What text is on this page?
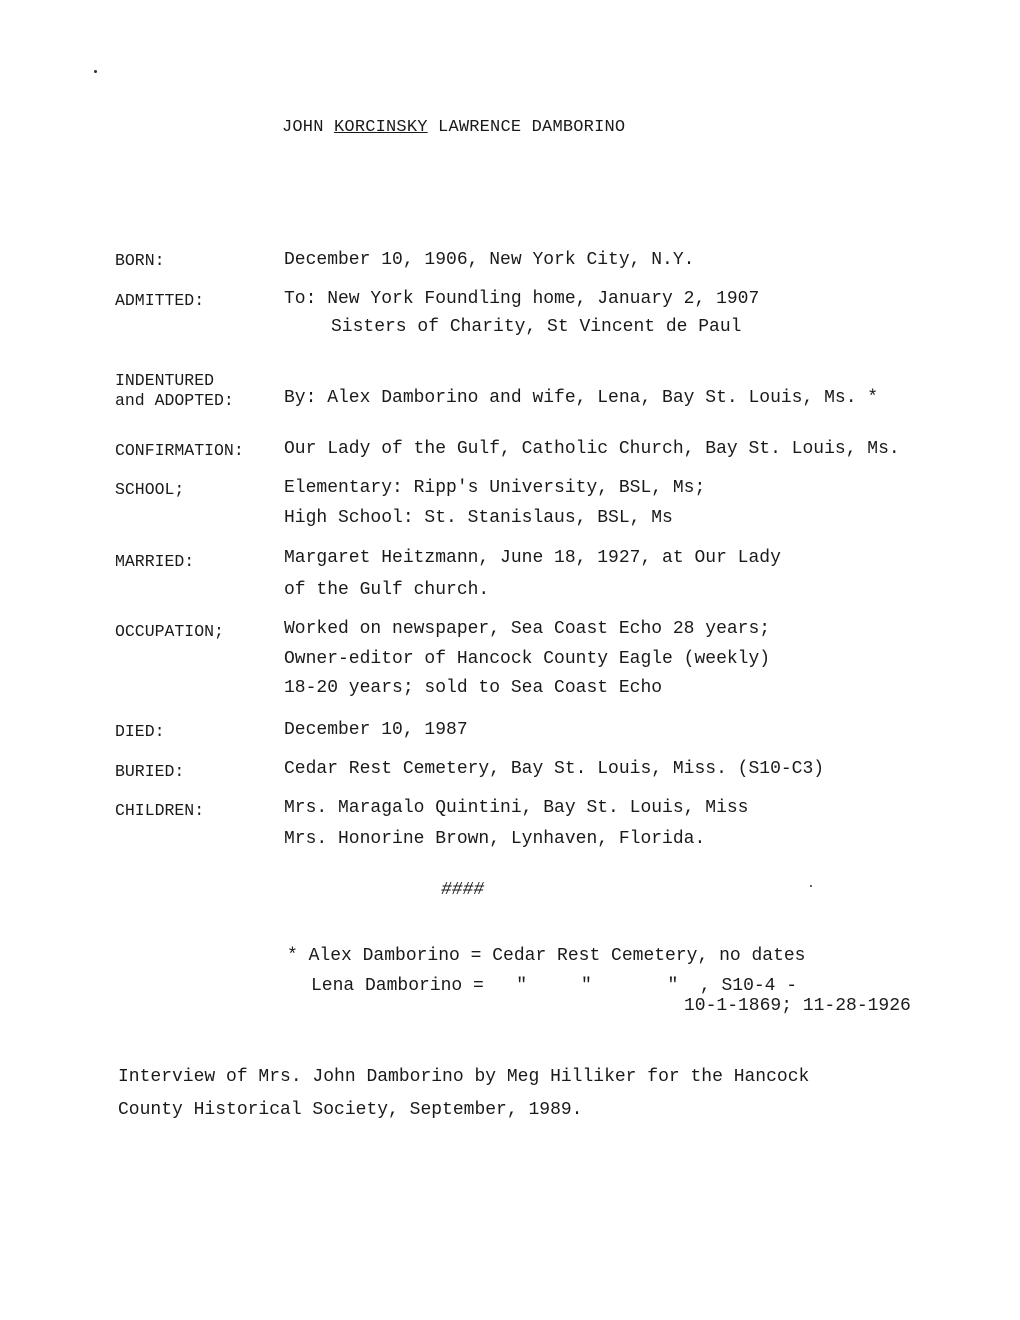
JOHN KORCINSKY LAWRENCE DAMBORINO
BORN:	December 10, 1906, New York City, N.Y.
ADMITTED:	To: New York Foundling home, January 2, 1907
Sisters of Charity, St Vincent de Paul
INDENTURED
and ADOPTED:	By: Alex Damborino and wife, Lena, Bay St. Louis, Ms. *
CONFIRMATION: Our Lady of the Gulf, Catholic Church, Bay St. Louis, Ms.
SCHOOL;	Elementary: Ripp's University, BSL, Ms;
High School: St. Stanislaus, BSL, Ms
MARRIED:	Margaret Heitzmann, June 18, 1927, at Our Lady
of the Gulf church.
OCCUPATION;	Worked on newspaper, Sea Coast Echo 28 years;
Owner-editor of Hancock County Eagle (weekly)
18-20 years; sold to Sea Coast Echo
DIED:	December 10, 1987
BURIED:	Cedar Rest Cemetery, Bay St. Louis, Miss. (S10-C3)
CHILDREN:	Mrs. Maragalo Quintini, Bay St. Louis, Miss
Mrs. Honorine Brown, Lynhaven, Florida.
####
* Alex Damborino = Cedar Rest Cemetery, no dates
Lena Damborino =   "     "       "  , S10-4 -
10-1-1869; 11-28-1926
Interview of Mrs. John Damborino by Meg Hilliker for the Hancock
County Historical Society, September, 1989.
